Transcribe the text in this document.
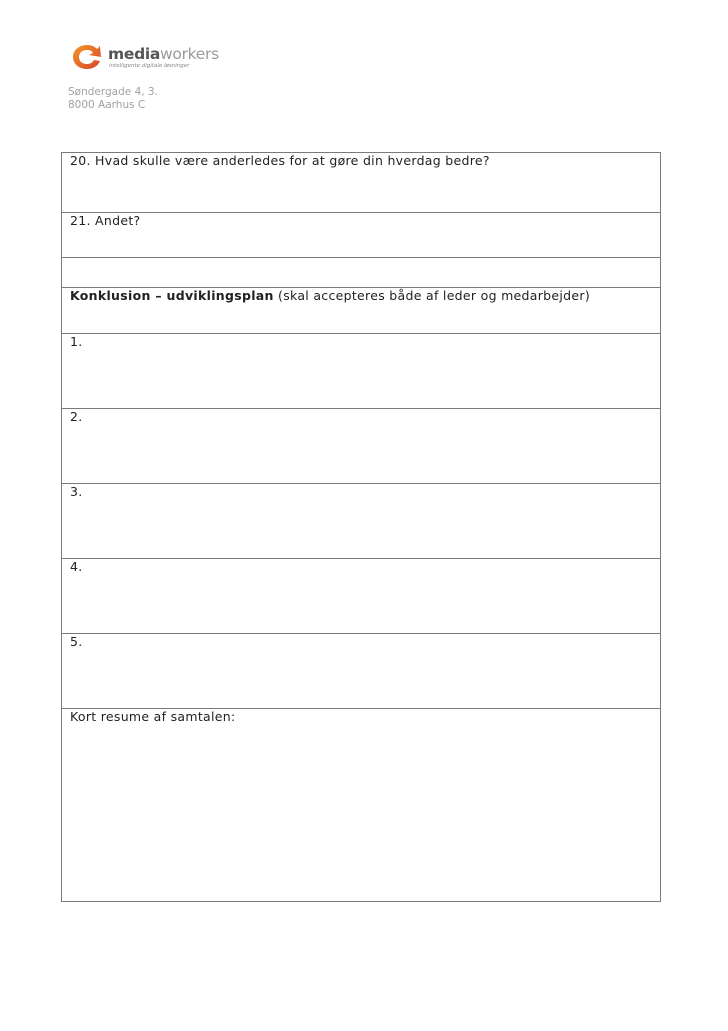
mediaworkers
intelligente digitale løsninger
Søndergade 4, 3.
8000 Aarhus C
20. Hvad skulle være anderledes for at gøre din hverdag bedre?
21. Andet?

Konklusion – udviklingsplan (skal accepteres både af leder og medarbejder)
1.
2.
3.
4.
5.
Kort resume af samtalen:
